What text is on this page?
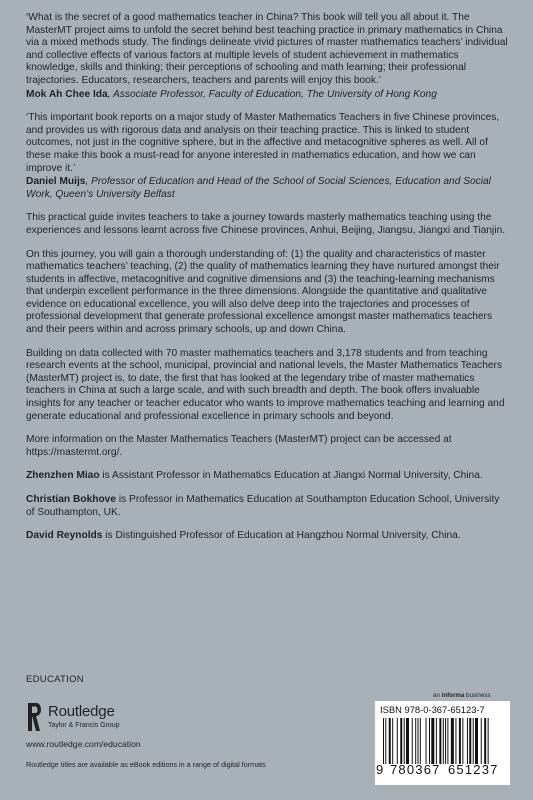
‘What is the secret of a good mathematics teacher in China? This book will tell you all about it. The MasterMT project aims to unfold the secret behind best teaching practice in primary mathematics in China via a mixed methods study. The findings delineate vivid pictures of master mathematics teachers’ individual and collective effects of various factors at multiple levels of student achievement in mathematics knowledge, skills and thinking; their perceptions of schooling and math learning; their professional trajectories. Educators, researchers, teachers and parents will enjoy this book.’
Mok Ah Chee Ida, Associate Professor, Faculty of Education, The University of Hong Kong
‘This important book reports on a major study of Master Mathematics Teachers in five Chinese provinces, and provides us with rigorous data and analysis on their teaching practice. This is linked to student outcomes, not just in the cognitive sphere, but in the affective and metacognitive spheres as well. All of these make this book a must-read for anyone interested in mathematics education, and how we can improve it.’
Daniel Muijs, Professor of Education and Head of the School of Social Sciences, Education and Social Work, Queen’s University Belfast
This practical guide invites teachers to take a journey towards masterly mathematics teaching using the experiences and lessons learnt across five Chinese provinces, Anhui, Beijing, Jiangsu, Jiangxi and Tianjin.
On this journey, you will gain a thorough understanding of: (1) the quality and characteristics of master mathematics teachers’ teaching, (2) the quality of mathematics learning they have nurtured amongst their students in affective, metacognitive and cognitive dimensions and (3) the teaching-learning mechanisms that underpin excellent performance in the three dimensions. Alongside the quantitative and qualitative evidence on educational excellence, you will also delve deep into the trajectories and processes of professional development that generate professional excellence amongst master mathematics teachers and their peers within and across primary schools, up and down China.
Building on data collected with 70 master mathematics teachers and 3,178 students and from teaching research events at the school, municipal, provincial and national levels, the Master Mathematics Teachers (MasterMT) project is, to date, the first that has looked at the legendary tribe of master mathematics teachers in China at such a large scale, and with such breadth and depth. The book offers invaluable insights for any teacher or teacher educator who wants to improve mathematics teaching and learning and generate educational and professional excellence in primary schools and beyond.
More information on the Master Mathematics Teachers (MasterMT) project can be accessed at https://mastermt.org/.
Zhenzhen Miao is Assistant Professor in Mathematics Education at Jiangxi Normal University, China.
Christian Bokhove is Professor in Mathematics Education at Southampton Education School, University of Southampton, UK.
David Reynolds is Distinguished Professor of Education at Hangzhou Normal University, China.
EDUCATION
Routledge
Taylor & Francis Group
www.routledge.com/education
Routledge titles are available as eBook editions in a range of digital formats
an informa business
ISBN 978-0-367-65123-7
9 780367 651237
